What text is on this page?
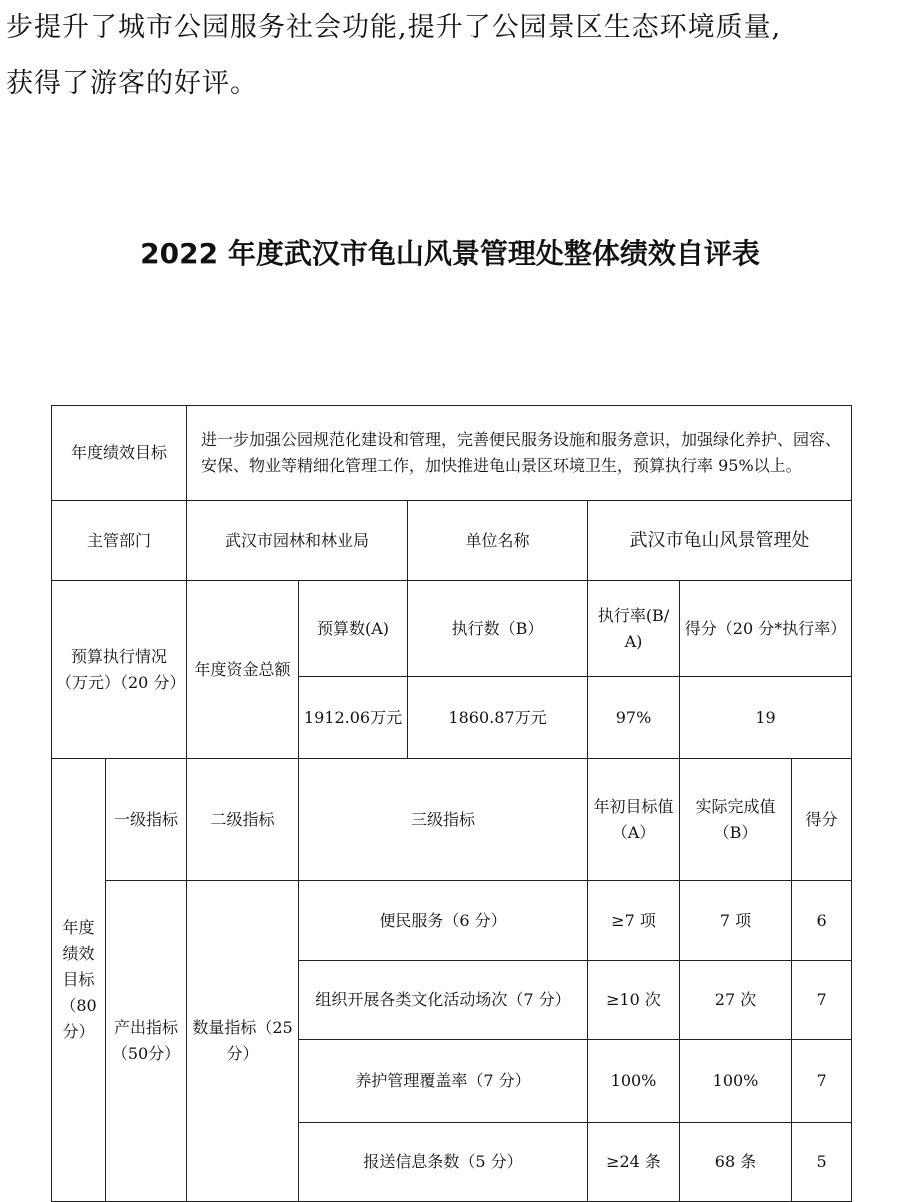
步提升了城市公园服务社会功能,提升了公园景区生态环境质量,
获得了游客的好评。
2022 年度武汉市龟山风景管理处整体绩效自评表
年度绩效目标		进一步加强公园规范化建设和管理，完善便民服务设施和服务意识，加强绿化养护、园容、安保、物业等精细化管理工作，加快推进龟山景区环境卫生，预算执行率 95%以上。					
主管部门		武汉市园林和林业局		单位名称	武汉市龟山风景管理处		
预算执行情况（万元）（20 分）		年度资金总额	预算数(A)	执行数（B）	执行率(B/A)	得分（20 分*执行率）	
			1912.06万元	1860.87万元	97%	19	
年度绩效目标（80分）	一级指标	二级指标	三级指标		年初目标值（A）	实际完成值（B）	得分
	产出指标（50分）	数量指标（25分）	便民服务（6 分）		≥7 项	7 项	6
			组织开展各类文化活动场次（7 分）		≥10 次	27 次	7
			养护管理覆盖率（7 分）		100%	100%	7
			报送信息条数（5 分）		≥24 条	68 条	5
